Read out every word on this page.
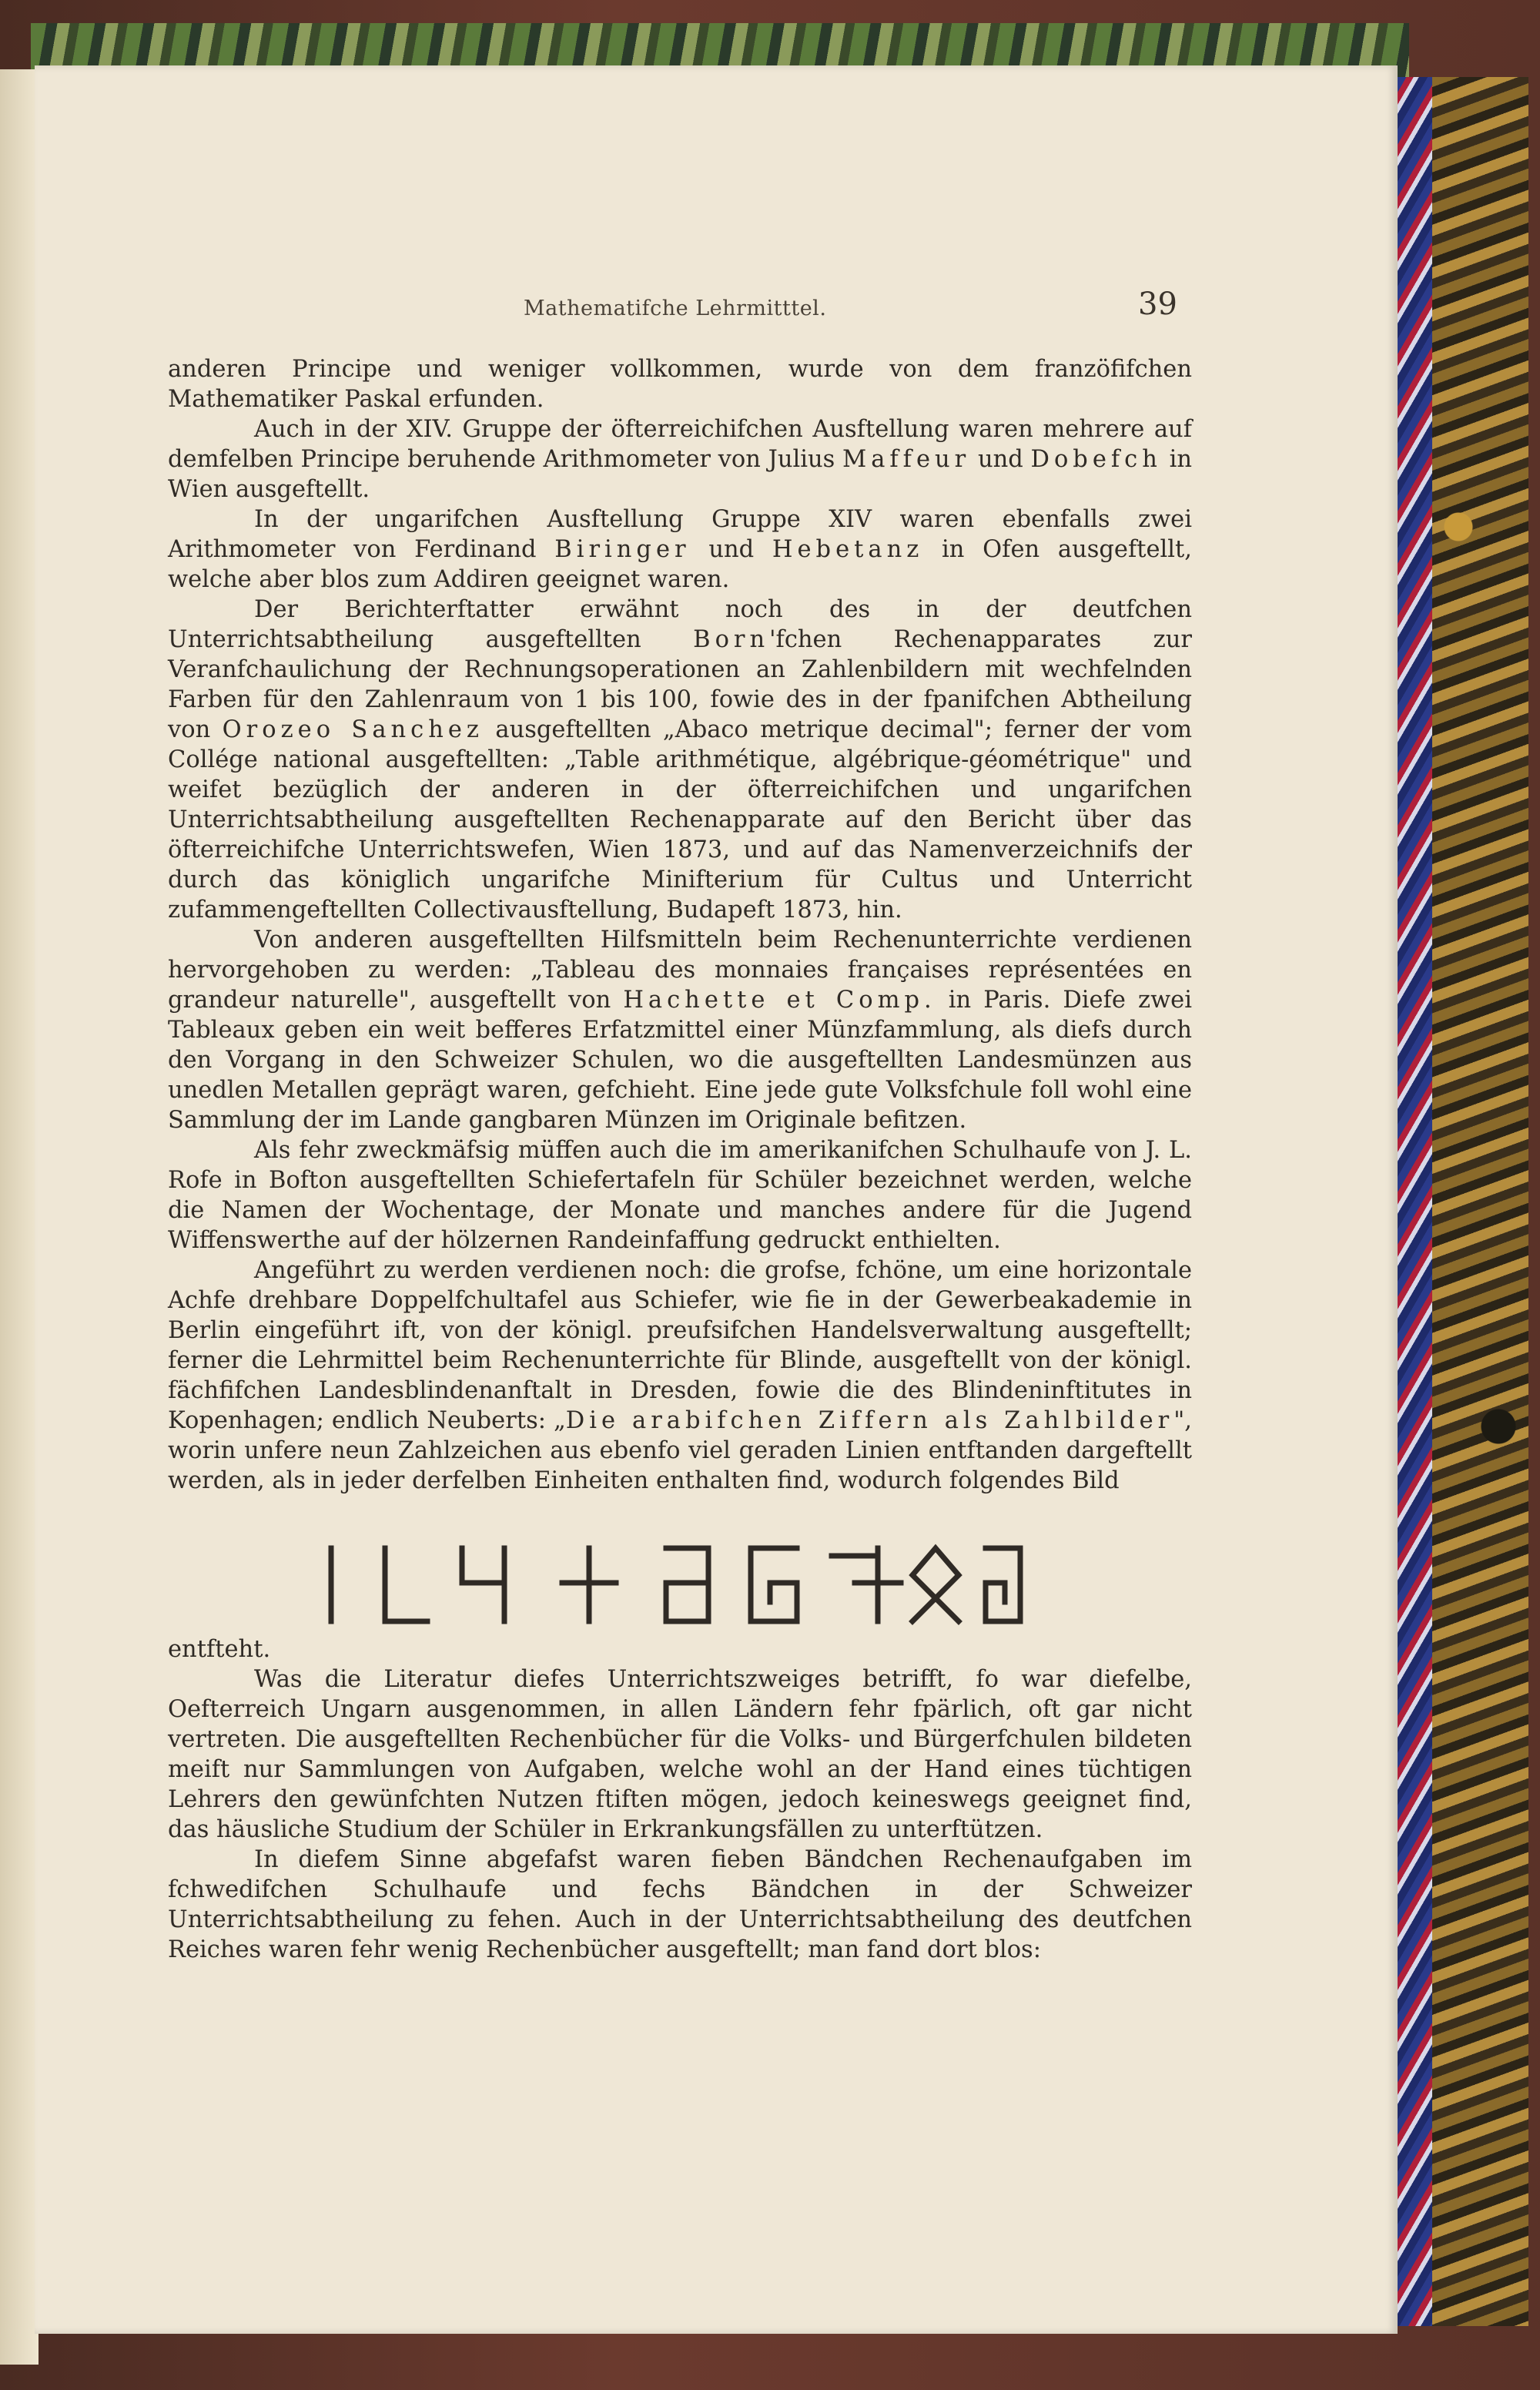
Mathematifche Lehrmitttel.	39

anderen Principe und weniger vollkommen, wurde von dem franzöfifchen Mathematiker Paskal erfunden.

Auch in der XIV. Gruppe der öfterreichifchen Ausftellung waren mehrere auf demfelben Principe beruhende Arithmometer von Julius Maffeur und Dobefch in Wien ausgeftellt.

In der ungarifchen Ausftellung Gruppe XIV waren ebenfalls zwei Arithmometer von Ferdinand Biringer und Hebetanz in Ofen ausgeftellt, welche aber blos zum Addiren geeignet waren.

Der Berichterftatter erwähnt noch des in der deutfchen Unterrichtsabtheilung ausgeftellten Born'fchen Rechenapparates zur Veranfchaulichung der Rechnungsoperationen an Zahlenbildern mit wechfelnden Farben für den Zahlenraum von 1 bis 100, fowie des in der fpanifchen Abtheilung von Orozeo Sanchez ausgeftellten „Abaco metrique decimal"; ferner der vom Collége national ausgeftellten: „Table arithmétique, algébrique-géométrique" und weifet bezüglich der anderen in der öfterreichifchen und ungarifchen Unterrichtsabtheilung ausgeftellten Rechenapparate auf den Bericht über das öfterreichifche Unterrichtswefen, Wien 1873, und auf das Namenverzeichnifs der durch das königlich ungarifche Minifterium für Cultus und Unterricht zufammengeftellten Collectivausftellung, Budapeft 1873, hin.

Von anderen ausgeftellten Hilfsmitteln beim Rechenunterrichte verdienen hervorgehoben zu werden: „Tableau des monnaies françaises représentées en grandeur naturelle", ausgeftellt von Hachette et Comp. in Paris. Diefe zwei Tableaux geben ein weit befferes Erfatzmittel einer Münzfammlung, als diefs durch den Vorgang in den Schweizer Schulen, wo die ausgeftellten Landesmünzen aus unedlen Metallen geprägt waren, gefchieht. Eine jede gute Volksfchule foll wohl eine Sammlung der im Lande gangbaren Münzen im Originale befitzen.

Als fehr zweckmäfsig müffen auch die im amerikanifchen Schulhaufe von J. L. Rofe in Bofton ausgeftellten Schiefertafeln für Schüler bezeichnet werden, welche die Namen der Wochentage, der Monate und manches andere für die Jugend Wiffenswerthe auf der hölzernen Randeinfaffung gedruckt enthielten.

Angeführt zu werden verdienen noch: die grofse, fchöne, um eine horizontale Achfe drehbare Doppelfchultafel aus Schiefer, wie fie in der Gewerbeakademie in Berlin eingeführt ift, von der königl. preufsifchen Handelsverwaltung ausgeftellt; ferner die Lehrmittel beim Rechenunterrichte für Blinde, ausgeftellt von der königl. fächfifchen Landesblindenanftalt in Dresden, fowie die des Blindeninftitutes in Kopenhagen; endlich Neuberts: „Die arabifchen Ziffern als Zahlbilder", worin unfere neun Zahlzeichen aus ebenfo viel geraden Linien entftanden dargeftellt werden, als in jeder derfelben Einheiten enthalten find, wodurch folgendes Bild

entfteht.

Was die Literatur diefes Unterrichtszweiges betrifft, fo war diefelbe, Oefterreich Ungarn ausgenommen, in allen Ländern fehr fpärlich, oft gar nicht vertreten. Die ausgeftellten Rechenbücher für die Volks- und Bürgerfchulen bildeten meift nur Sammlungen von Aufgaben, welche wohl an der Hand eines tüchtigen Lehrers den gewünfchten Nutzen ftiften mögen, jedoch keineswegs geeignet find, das häusliche Studium der Schüler in Erkrankungsfällen zu unterftützen.

In diefem Sinne abgefafst waren fieben Bändchen Rechenaufgaben im fchwedifchen Schulhaufe und fechs Bändchen in der Schweizer Unterrichtsabtheilung zu fehen. Auch in der Unterrichtsabtheilung des deutfchen Reiches waren fehr wenig Rechenbücher ausgeftellt; man fand dort blos:
